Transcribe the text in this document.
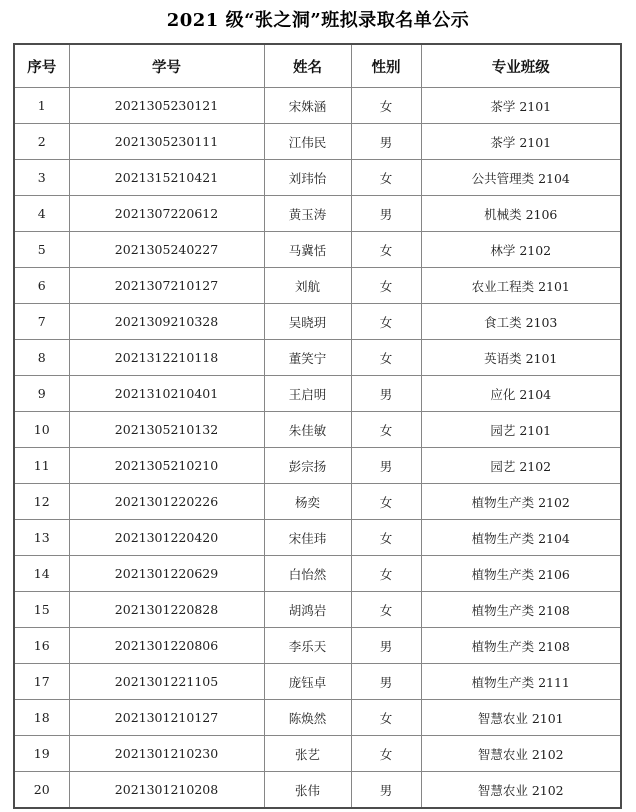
2021 级“张之洞”班拟录取名单公示
序号	学号	姓名	性别	专业班级
1	2021305230121	宋姝涵	女	茶学 2101
2	2021305230111	江伟民	男	茶学 2101
3	2021315210421	刘玮怡	女	公共管理类 2104
4	2021307220612	黄玉涛	男	机械类 2106
5	2021305240227	马冀恬	女	林学 2102
6	2021307210127	刘航	女	农业工程类 2101
7	2021309210328	吴晓玥	女	食工类 2103
8	2021312210118	董笑宁	女	英语类 2101
9	2021310210401	王启明	男	应化 2104
10	2021305210132	朱佳敏	女	园艺 2101
11	2021305210210	彭宗扬	男	园艺 2102
12	2021301220226	杨奕	女	植物生产类 2102
13	2021301220420	宋佳玮	女	植物生产类 2104
14	2021301220629	白怡然	女	植物生产类 2106
15	2021301220828	胡鸿岩	女	植物生产类 2108
16	2021301220806	李乐天	男	植物生产类 2108
17	2021301221105	庞钰卓	男	植物生产类 2111
18	2021301210127	陈焕然	女	智慧农业 2101
19	2021301210230	张艺	女	智慧农业 2102
20	2021301210208	张伟	男	智慧农业 2102
